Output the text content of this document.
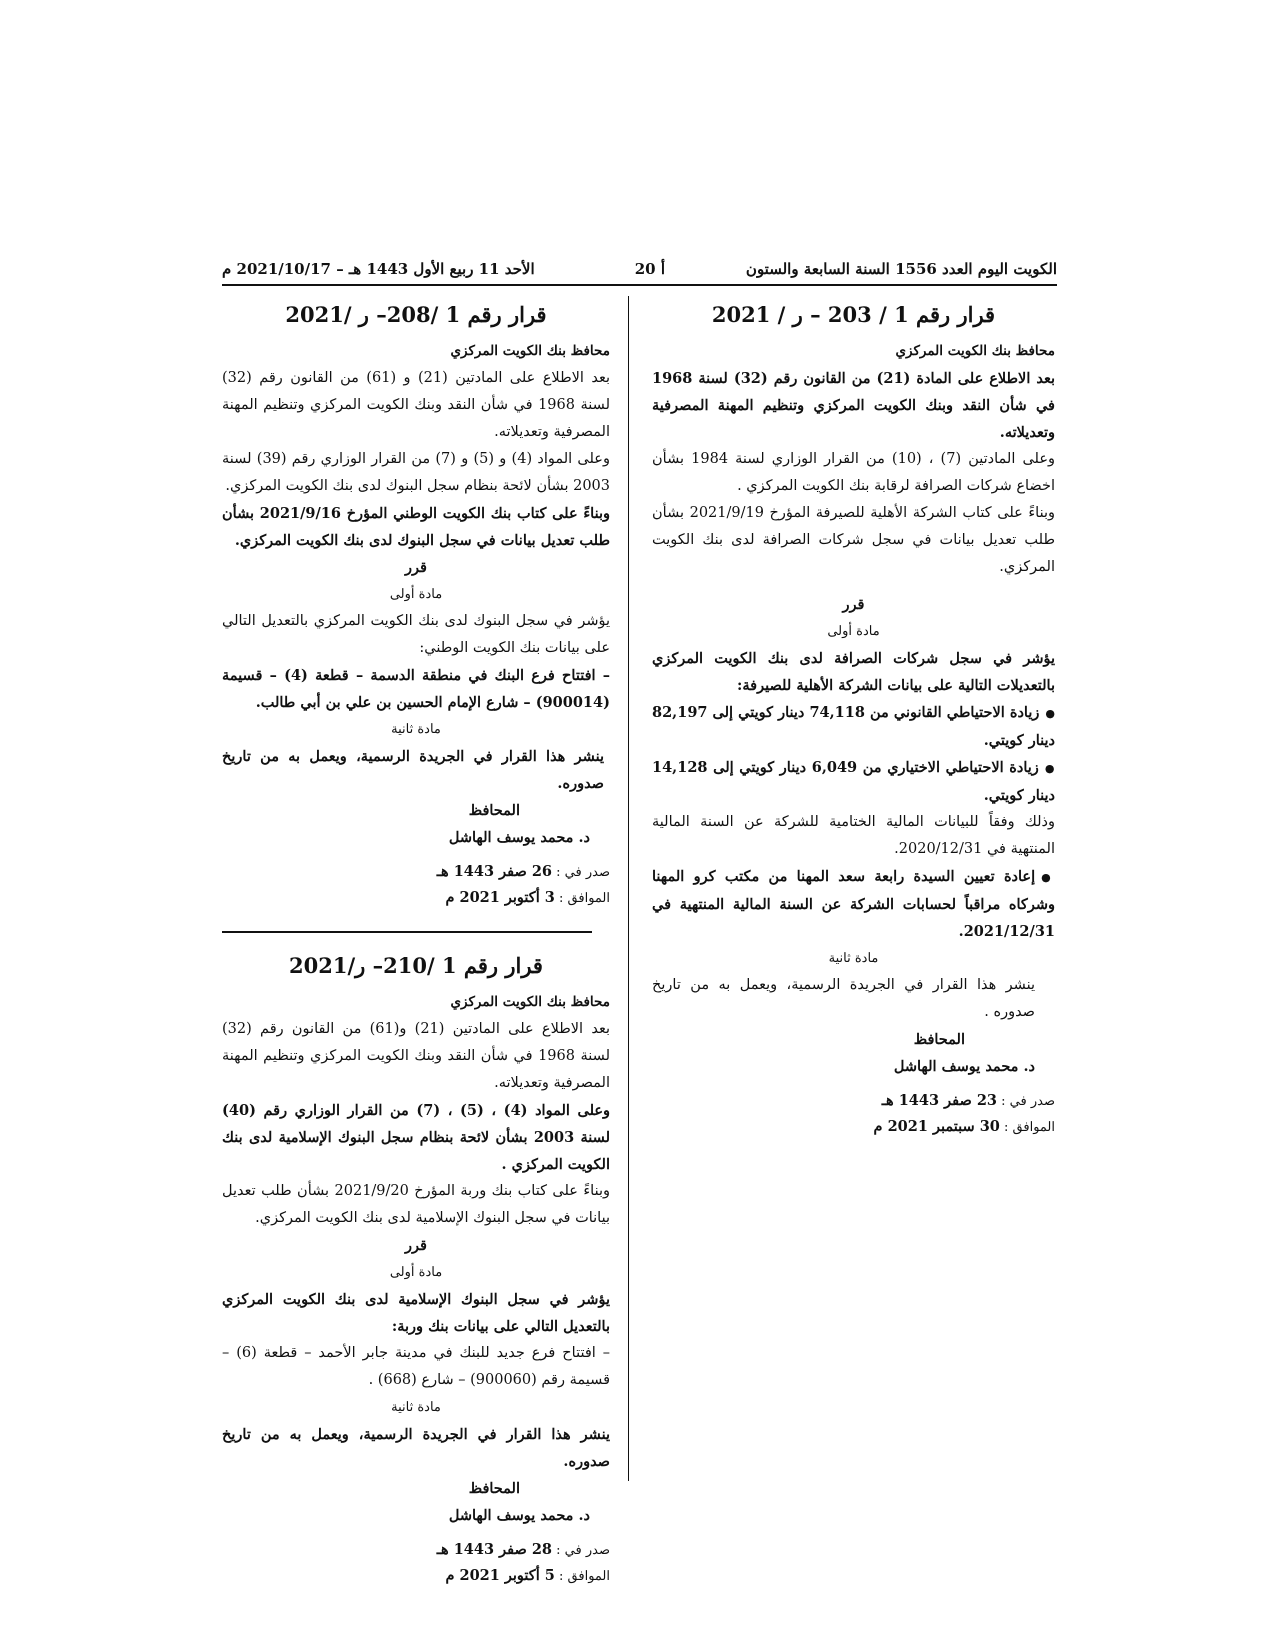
الكويت اليوم العدد 1556 السنة السابعة والستون
أ 20
الأحد 11 ربيع الأول 1443 هـ – 2021/10/17 م
قرار رقم 1 / 203 – ر / 2021

محافظ بنك الكويت المركزي

بعد الاطلاع على المادة (21) من القانون رقم (32) لسنة 1968 في شأن النقد وبنك الكويت المركزي وتنظيم المهنة المصرفية وتعديلاته.

وعلى المادتين (7) ، (10) من القرار الوزاري لسنة 1984 بشأن اخضاع شركات الصرافة لرقابة بنك الكويت المركزي .

وبناءً على كتاب الشركة الأهلية للصيرفة المؤرخ 2021/9/19 بشأن طلب تعديل بيانات في سجل شركات الصرافة لدى بنك الكويت المركزي.

قرر

مادة أولى

يؤشر في سجل شركات الصرافة لدى بنك الكويت المركزي بالتعديلات التالية على بيانات الشركة الأهلية للصيرفة:

● زيادة الاحتياطي القانوني من 74,118 دينار كويتي إلى 82,197 دينار كويتي.

● زيادة الاحتياطي الاختياري من 6,049 دينار كويتي إلى 14,128 دينار كويتي.

وذلك وفقاً للبيانات المالية الختامية للشركة عن السنة المالية المنتهية في 2020/12/31.

● إعادة تعيين السيدة رابعة سعد المهنا من مكتب كرو المهنا وشركاه مراقباً لحسابات الشركة عن السنة المالية المنتهية في 2021/12/31.

مادة ثانية

ينشر هذا القرار في الجريدة الرسمية، ويعمل به من تاريخ صدوره .

المحافظ

د. محمد يوسف الهاشل

صدر في : 23 صفر 1443 هـ
الموافق : 30 سبتمبر 2021 م
قرار رقم 1 /208– ر /2021

محافظ بنك الكويت المركزي

بعد الاطلاع على المادتين (21) و (61) من القانون رقم (32) لسنة 1968 في شأن النقد وبنك الكويت المركزي وتنظيم المهنة المصرفية وتعديلاته.

وعلى المواد (4) و (5) و (7) من القرار الوزاري رقم (39) لسنة 2003 بشأن لائحة بنظام سجل البنوك لدى بنك الكويت المركزي.

وبناءً على كتاب بنك الكويت الوطني المؤرخ 2021/9/16 بشأن طلب تعديل بيانات في سجل البنوك لدى بنك الكويت المركزي.

قرر

مادة أولى

يؤشر في سجل البنوك لدى بنك الكويت المركزي بالتعديل التالي على بيانات بنك الكويت الوطني:

– افتتاح فرع البنك في منطقة الدسمة – قطعة (4) – قسيمة (900014) – شارع الإمام الحسين بن علي بن أبي طالب.

مادة ثانية

ينشر هذا القرار في الجريدة الرسمية، ويعمل به من تاريخ صدوره.

المحافظ

د. محمد يوسف الهاشل

صدر في : 26 صفر 1443 هـ
الموافق : 3 أكتوبر 2021 م
قرار رقم 1 /210– ر/2021

محافظ بنك الكويت المركزي

بعد الاطلاع على المادتين (21) و(61) من القانون رقم (32) لسنة 1968 في شأن النقد وبنك الكويت المركزي وتنظيم المهنة المصرفية وتعديلاته.

وعلى المواد (4) ، (5) ، (7) من القرار الوزاري رقم (40) لسنة 2003 بشأن لائحة بنظام سجل البنوك الإسلامية لدى بنك الكويت المركزي .

وبناءً على كتاب بنك وربة المؤرخ 2021/9/20 بشأن طلب تعديل بيانات في سجل البنوك الإسلامية لدى بنك الكويت المركزي.

قرر

مادة أولى

يؤشر في سجل البنوك الإسلامية لدى بنك الكويت المركزي بالتعديل التالي على بيانات بنك وربة:

– افتتاح فرع جديد للبنك في مدينة جابر الأحمد – قطعة (6) – قسيمة رقم (900060) – شارع (668) .

مادة ثانية

ينشر هذا القرار في الجريدة الرسمية، ويعمل به من تاريخ صدوره.

المحافظ

د. محمد يوسف الهاشل

صدر في : 28 صفر 1443 هـ
الموافق : 5 أكتوبر 2021 م
